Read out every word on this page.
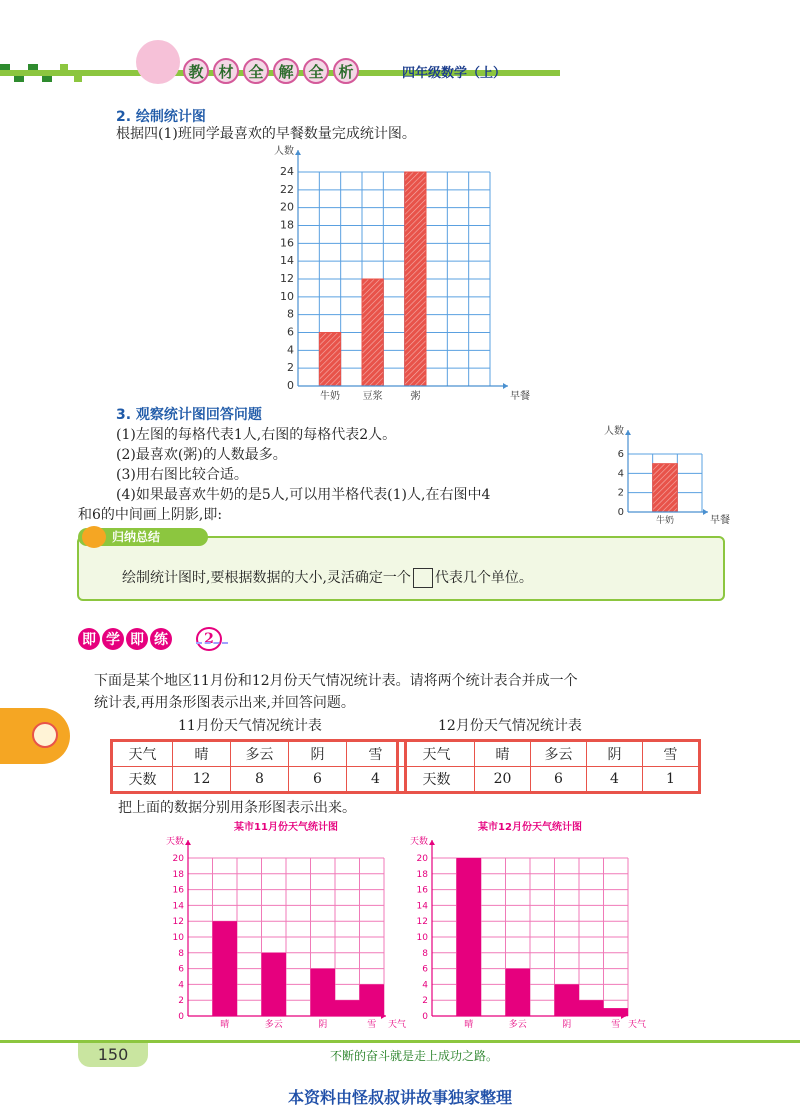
教 材 全 解 全 析	四年级数学（上）
2. 绘制统计图
根据四(1)班同学最喜欢的早餐数量完成统计图。
0
2
4
6
8
10
12
14
16
18
20
22
24
牛奶 豆浆	粥
人数
早餐
3. 观察统计图回答问题
(1)左图的每格代表1人,右图的每格代表2人。
(2)最喜欢(粥)的人数最多。
(3)用右图比较合适。
(4)如果最喜欢牛奶的是5人,可以用半格代表(1)人,在右图中4
和6的中间画上阴影,即:	0
2
4
6
牛奶
人数
早餐
归纳总结
绘制统计图时,要根据数据的大小,灵活确定一个 代表几个单位。
即 学 即 练	2
下面是某个地区11月份和12月份天气情况统计表。请将两个统计表合并成一个
统计表,再用条形图表示出来,并回答问题。
11月份天气情况统计表	12月份天气情况统计表
天气	晴	多云	阴	雪
天数	12	8	6	4
天气	晴	多云	阴	雪
天数	20	6	4	1
把上面的数据分别用条形图表示出来。
0
2
4
6
8
10
12
14
16
18
20
晴	多云	阴	雪
天数
天气
某市11月份天气统计图
0
2
4
6
8
10
12
14
16
18
20
晴	多云	阴	雪
天数
天气
某市12月份天气统计图
150	不断的奋斗就是走上成功之路。
本资料由怪叔叔讲故事独家整理
